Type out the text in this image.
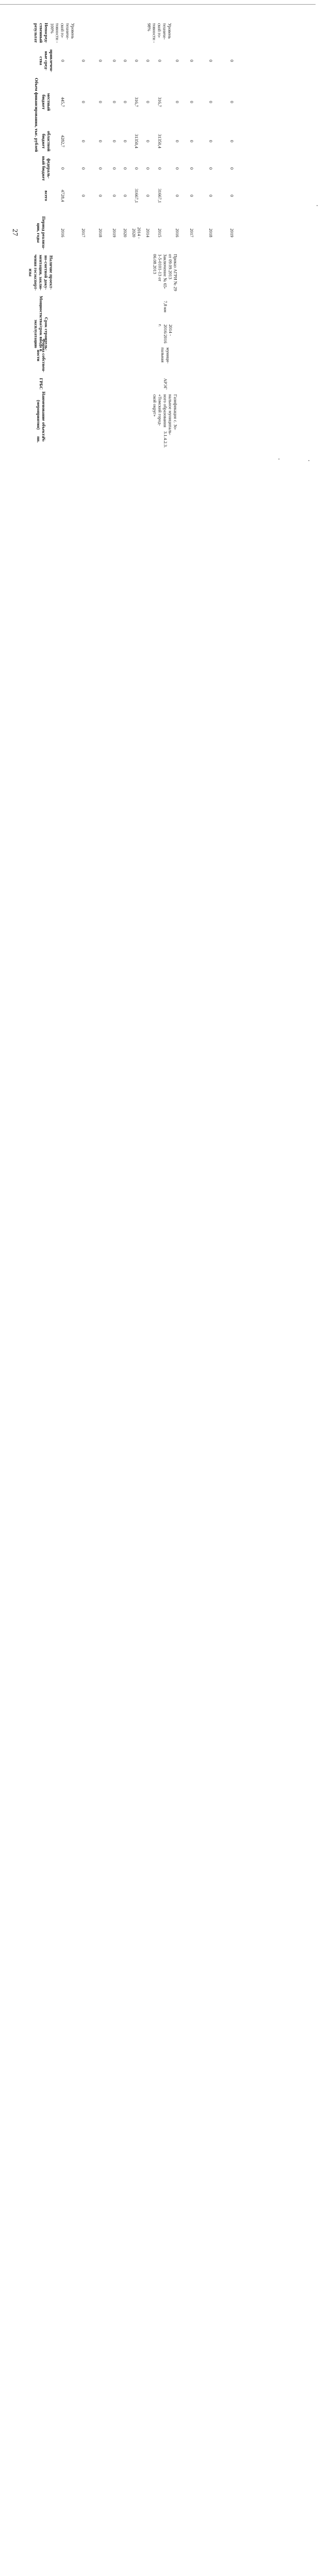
27
Непосред-
ственный
результат
Объем финансирования, тыс. рублей
привлечен-
ные сред-
ства
местный
бюджет
областной
бюджет
федераль-
ный бюджет
всего
Период реализа-
ции, годы
Наличие проект-
но-сметной доку-
ментации, заклю-
чения госэксперт-
изы
Мощность
Срок строитель-
ства/срок ввода в
эксплуатацию Форма собствен-
ности
ГРБС
Наименование объекта
(мероприятия)
№
пп.
Уровень
техниче-
ской го-
товности -
100%
0
445,7
4282,7
0
4728,4
2016
0
0
0
0
0
2017
0
0
0
0
0
2018
0
0
0
0
0
2019
0
0
0
0
0
2020
0
316,7
31350,4
0
31667,1
2014 -
2020
0
0
0
0
0
2014
Уровень
техниче-
ской го-
товности -
98%
0
316,7
31350,4
0
31667,1
2015
0
0
0
0
0
2016
0
0
0
0
0
2017
0
0
0
0
0
2018
0
0
0
0
0
2019
Приказ АГРИ № 29
от 09.09.2013
Заключение № 65-
1-5-0101-13 от
06.08.2013
7,8 км
2014 -
2016/2016
г.
муници-
пальная
АРЭГ
Газификация с. Зо-
нальное муниципаль-
ного образования
«Томский город-
ской округ»
3.1.4.2.3.
